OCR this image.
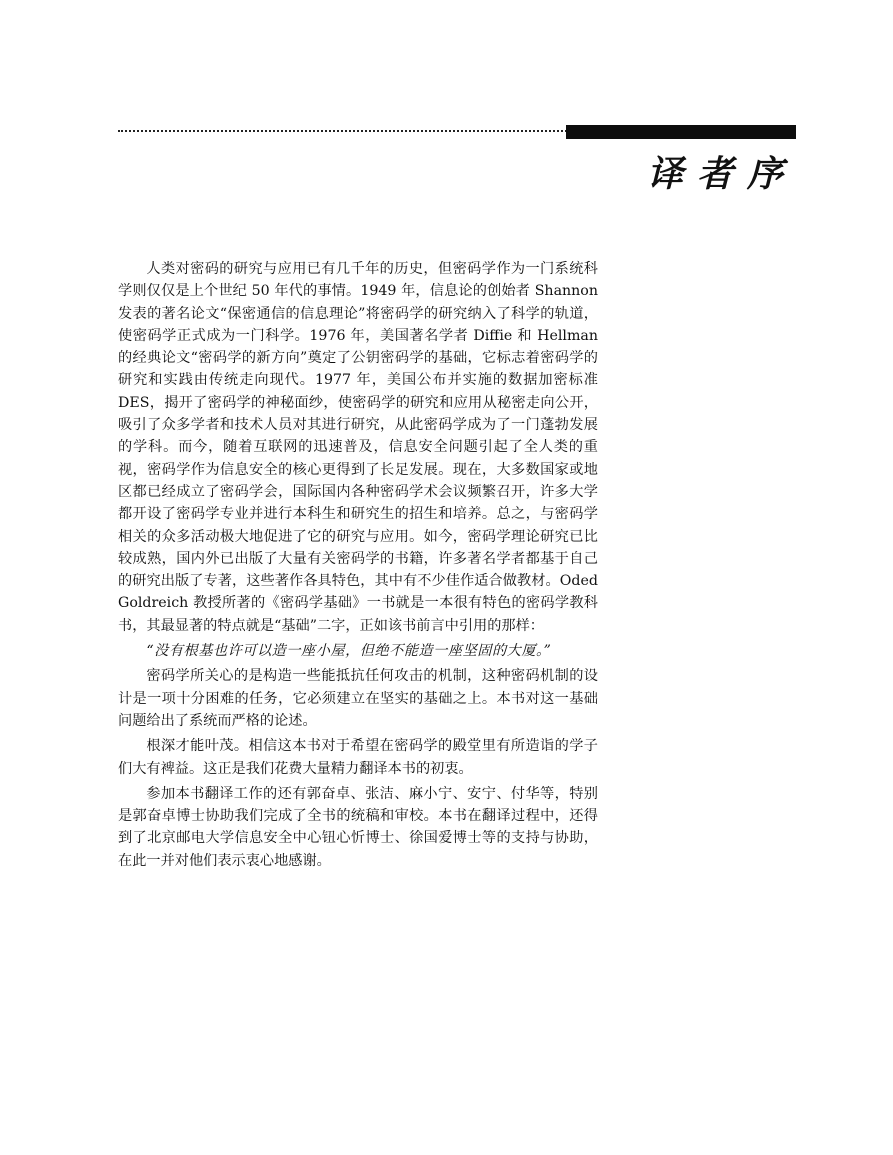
译者序

人类对密码的研究与应用已有几千年的历史，但密码学作为一门系统科学则仅仅是上个世纪 50 年代的事情。1949 年，信息论的创始者 Shannon 发表的著名论文“保密通信的信息理论”将密码学的研究纳入了科学的轨道，使密码学正式成为一门科学。1976 年，美国著名学者 Diffie 和 Hellman 的经典论文“密码学的新方向”奠定了公钥密码学的基础，它标志着密码学的研究和实践由传统走向现代。1977 年，美国公布并实施的数据加密标准 DES，揭开了密码学的神秘面纱，使密码学的研究和应用从秘密走向公开，吸引了众多学者和技术人员对其进行研究，从此密码学成为了一门蓬勃发展的学科。而今，随着互联网的迅速普及，信息安全问题引起了全人类的重视，密码学作为信息安全的核心更得到了长足发展。现在，大多数国家或地区都已经成立了密码学会，国际国内各种密码学术会议频繁召开，许多大学都开设了密码学专业并进行本科生和研究生的招生和培养。总之，与密码学相关的众多活动极大地促进了它的研究与应用。如今，密码学理论研究已比较成熟，国内外已出版了大量有关密码学的书籍，许多著名学者都基于自己的研究出版了专著，这些著作各具特色，其中有不少佳作适合做教材。Oded Goldreich 教授所著的《密码学基础》一书就是一本很有特色的密码学教科书，其最显著的特点就是“基础”二字，正如该书前言中引用的那样：

“没有根基也许可以造一座小屋，但绝不能造一座坚固的大厦。”

密码学所关心的是构造一些能抵抗任何攻击的机制，这种密码机制的设计是一项十分困难的任务，它必须建立在坚实的基础之上。本书对这一基础问题给出了系统而严格的论述。

根深才能叶茂。相信这本书对于希望在密码学的殿堂里有所造诣的学子们大有裨益。这正是我们花费大量精力翻译本书的初衷。

参加本书翻译工作的还有郭奋卓、张洁、麻小宁、安宁、付华等，特别是郭奋卓博士协助我们完成了全书的统稿和审校。本书在翻译过程中，还得到了北京邮电大学信息安全中心钮心忻博士、徐国爱博士等的支持与协助，在此一并对他们表示衷心地感谢。
